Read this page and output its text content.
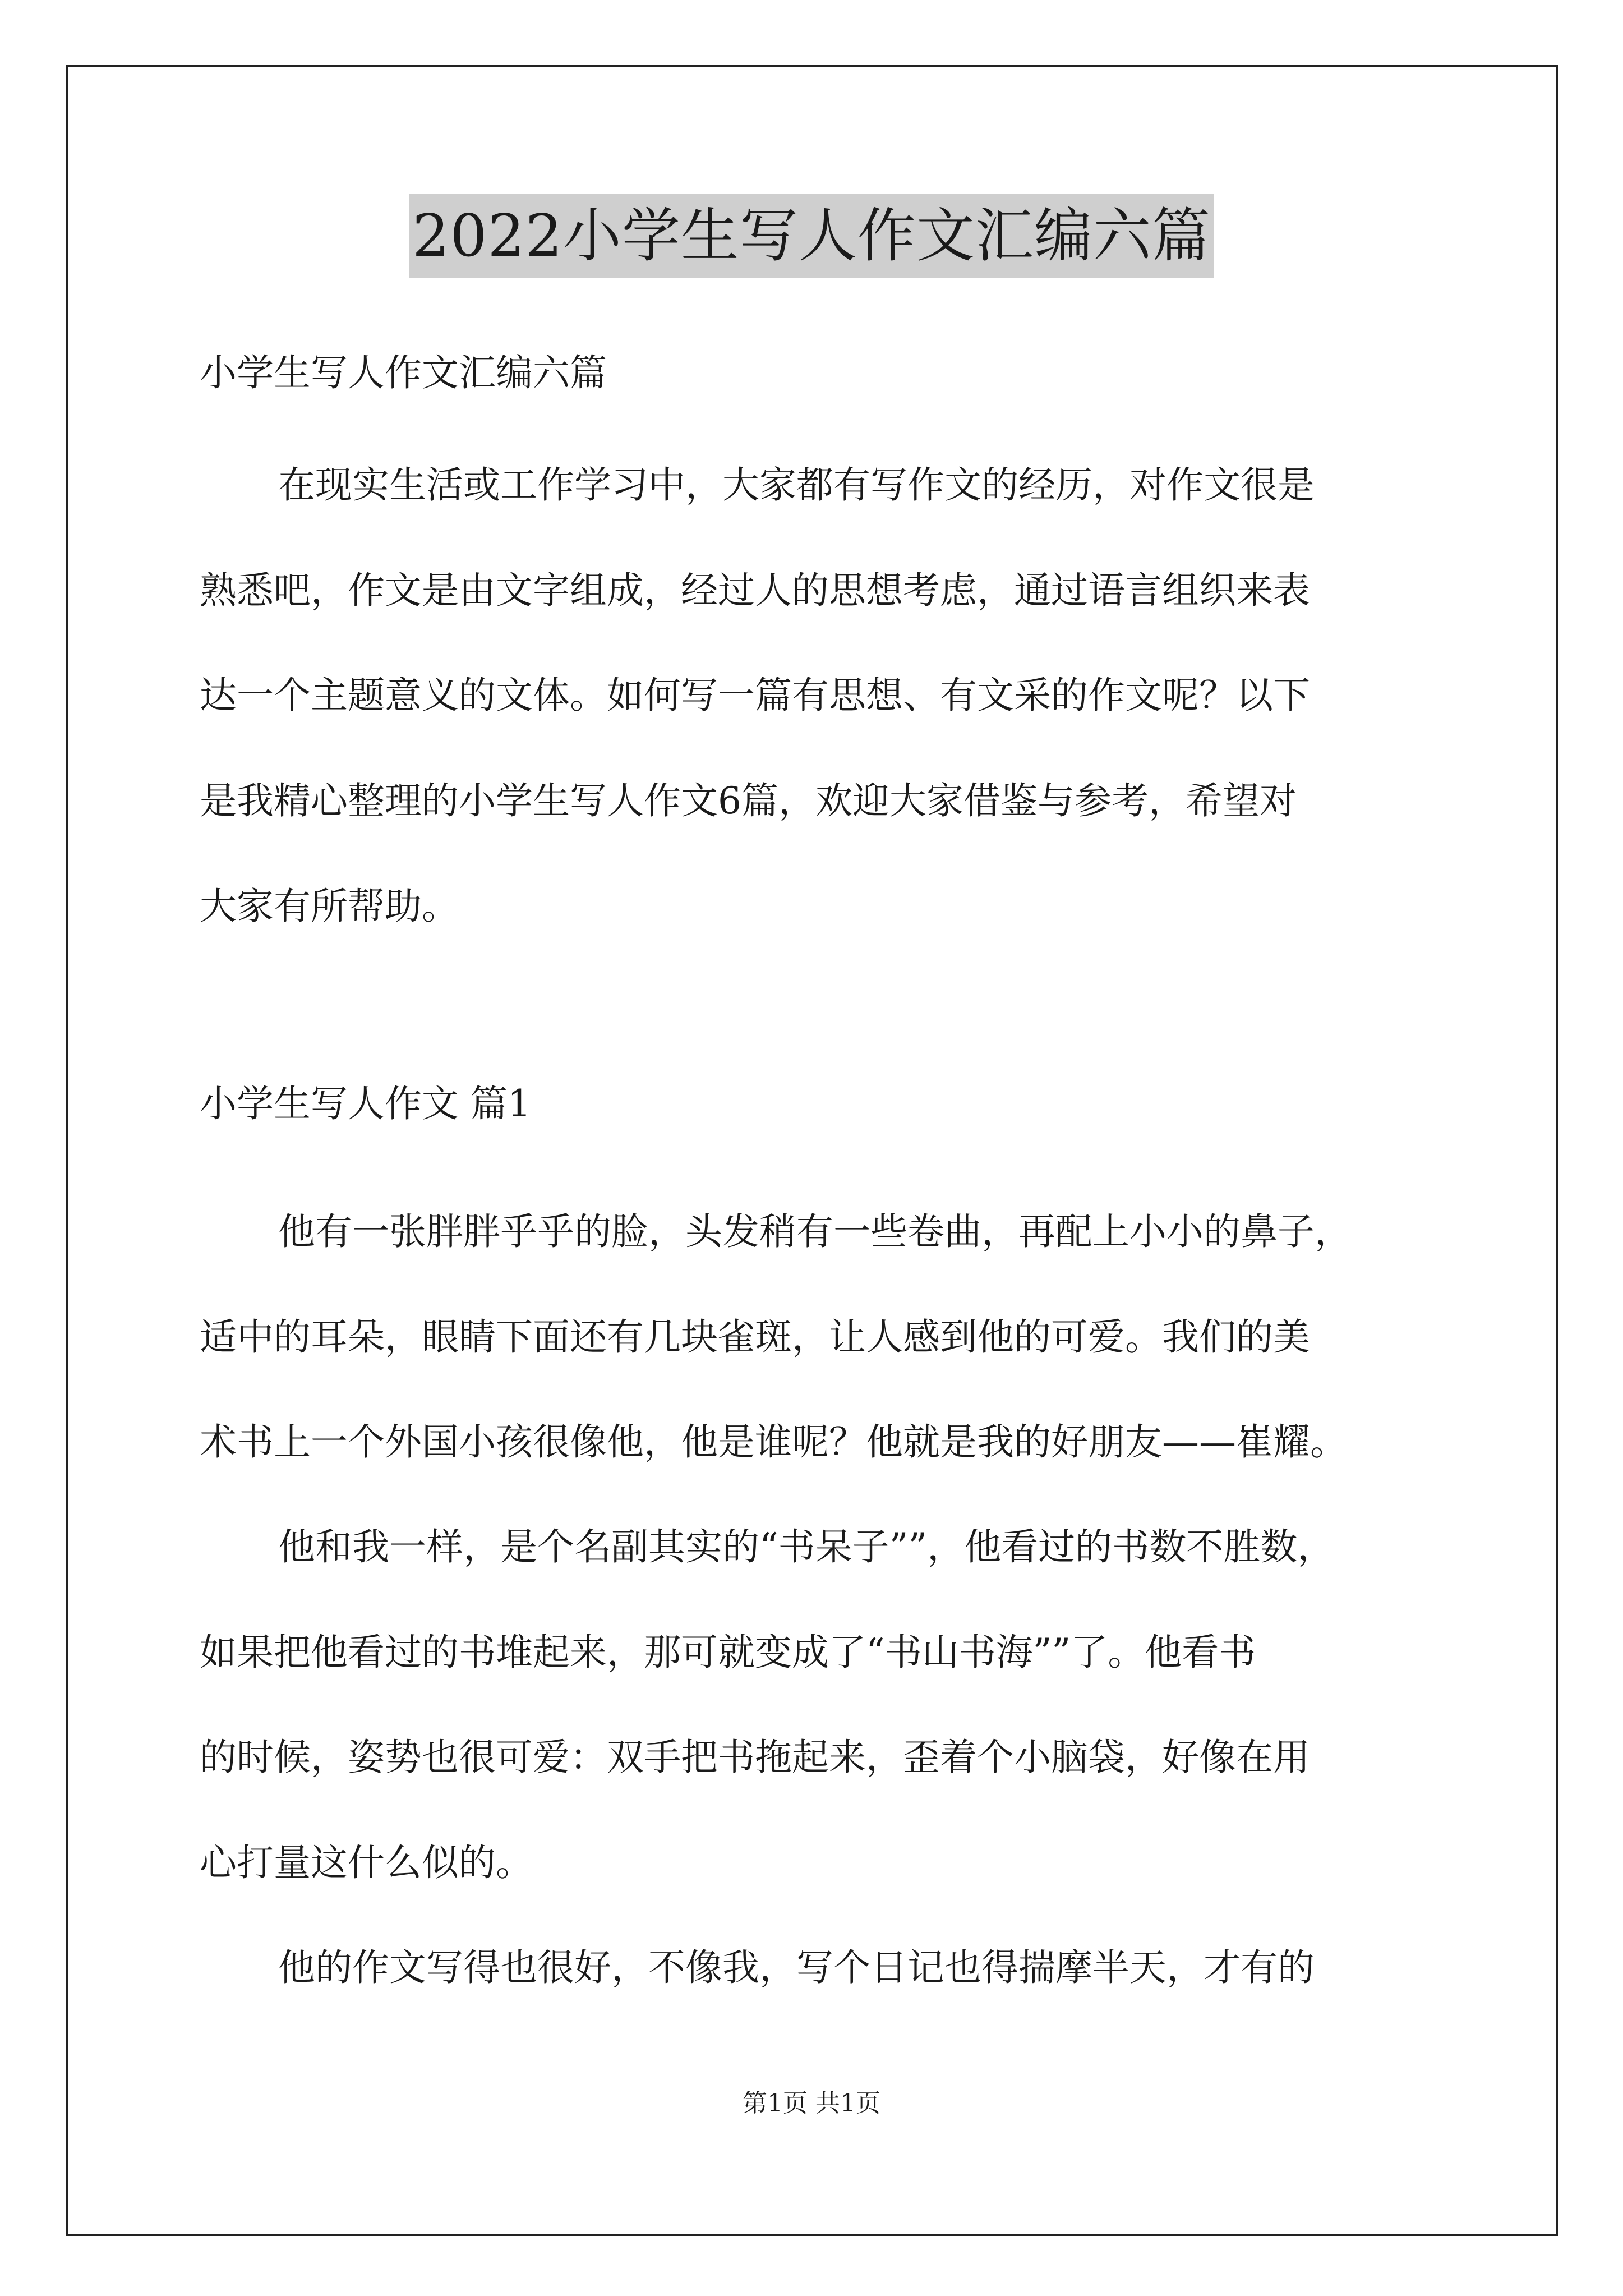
2022小学生写人作文汇编六篇
小学生写人作文汇编六篇
在现实生活或工作学习中，大家都有写作文的经历，对作文很是
熟悉吧，作文是由文字组成，经过人的思想考虑，通过语言组织来表
达一个主题意义的文体。如何写一篇有思想、有文采的作文呢？以下
是我精心整理的小学生写人作文6篇，欢迎大家借鉴与参考，希望对
大家有所帮助。
小学生写人作文 篇1
他有一张胖胖乎乎的脸，头发稍有一些卷曲，再配上小小的鼻子，
适中的耳朵，眼睛下面还有几块雀斑，让人感到他的可爱。我们的美
术书上一个外国小孩很像他，他是谁呢？他就是我的好朋友——崔耀。
他和我一样，是个名副其实的“书呆子””，他看过的书数不胜数，
如果把他看过的书堆起来，那可就变成了“书山书海””了。他看书
的时候，姿势也很可爱：双手把书拖起来，歪着个小脑袋，好像在用
心打量这什么似的。
他的作文写得也很好，不像我，写个日记也得揣摩半天，才有的
第1页 共1页
